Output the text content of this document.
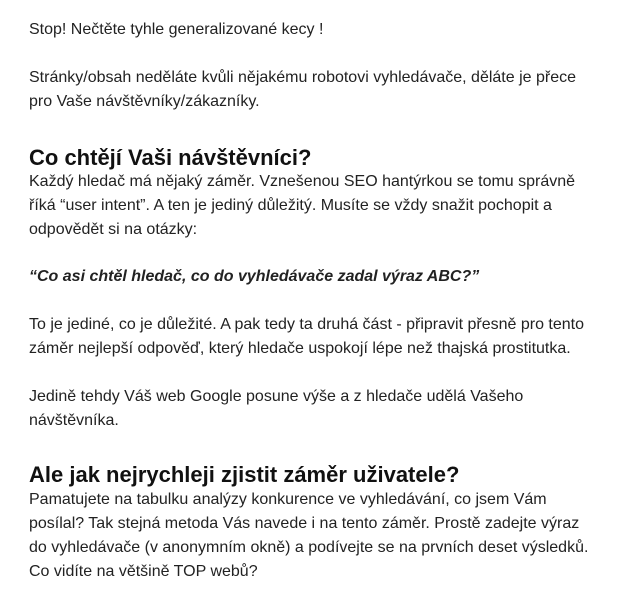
Stop! Nečtěte tyhle generalizované kecy !

Stránky/obsah neděláte kvůli nějakému robotovi vyhledávače, děláte je přece
pro Vaše návštěvníky/zákazníky.

Co chtějí Vaši návštěvníci?

Každý hledač má nějaký záměr. Vznešenou SEO hantýrkou se tomu správně
říká “user intent”. A ten je jediný důležitý. Musíte se vždy snažit pochopit a
odpovědět si na otázky:

“Co asi chtěl hledač, co do vyhledávače zadal výraz ABC?”

To je jediné, co je důležité. A pak tedy ta druhá část - připravit přesně pro tento
záměr nejlepší odpověď, který hledače uspokojí lépe než thajská prostitutka.

Jedině tehdy Váš web Google posune výše a z hledače udělá Vašeho
návštěvníka.

Ale jak nejrychleji zjistit záměr uživatele?

Pamatujete na tabulku analýzy konkurence ve vyhledávání, co jsem Vám
posílal? Tak stejná metoda Vás navede i na tento záměr. Prostě zadejte výraz
do vyhledávače (v anonymním okně) a podívejte se na prvních deset výsledků.
Co vidíte na většině TOP webů?
